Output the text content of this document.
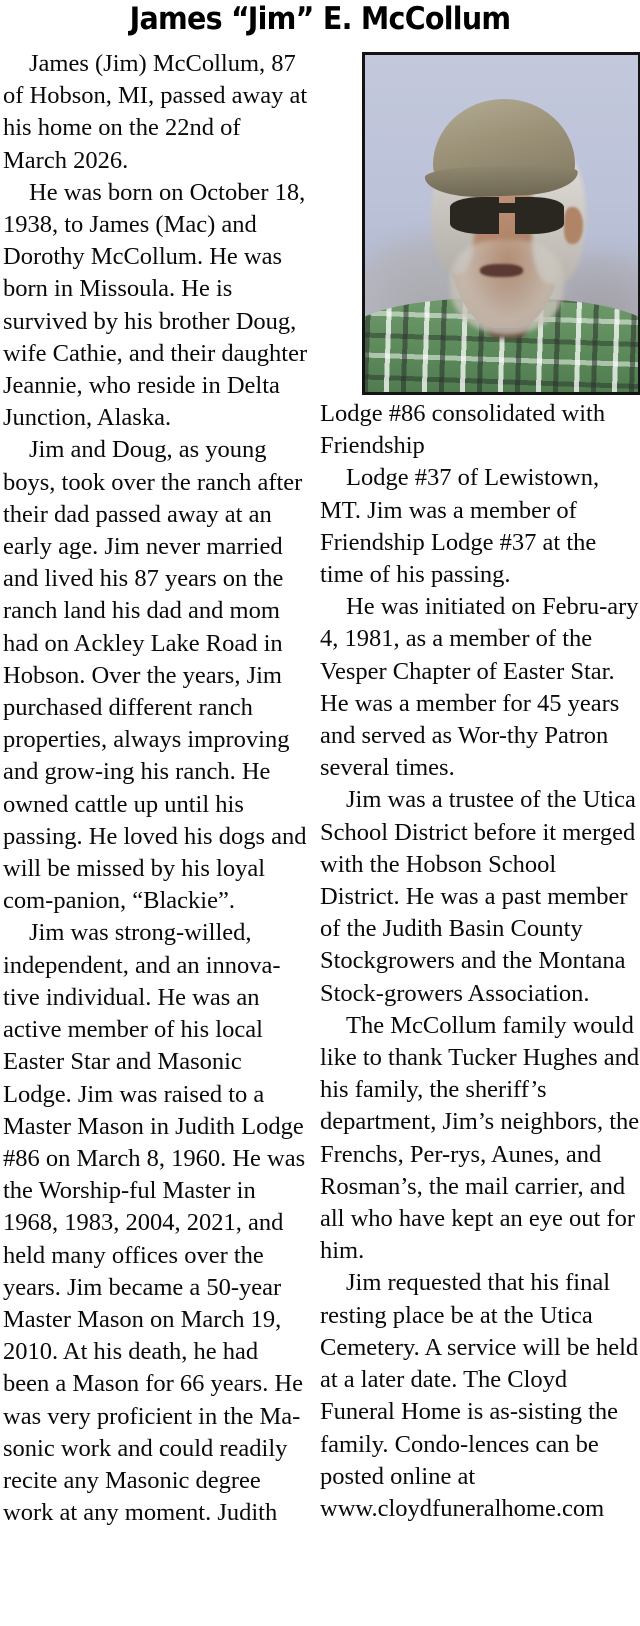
James “Jim” E. McCollum

James (Jim) McCollum, 87 of Hobson, MI, passed away at his home on the 22nd of March 2026.

He was born on October 18, 1938, to James (Mac) and Dorothy McCollum. He was born in Missoula. He is survived by his brother Doug, wife Cathie, and their daughter Jeannie, who reside in Delta Junction, Alaska.

Jim and Doug, as young boys, took over the ranch after their dad passed away at an early age. Jim never married and lived his 87 years on the ranch land his dad and mom had on Ackley Lake Road in Hobson. Over the years, Jim purchased different ranch properties, always improving and grow-ing his ranch. He owned cattle up until his passing. He loved his dogs and will be missed by his loyal com-panion, “Blackie”.

Jim was strong-willed, independent, and an innova-tive individual. He was an active member of his local Easter Star and Masonic Lodge. Jim was raised to a Master Mason in Judith Lodge #86 on March 8, 1960. He was the Worship-ful Master in 1968, 1983, 2004, 2021, and held many offices over the years. Jim became a 50-year Master Mason on March 19, 2010. At his death, he had been a Mason for 66 years. He was very proficient in the Ma-sonic work and could readily recite any Masonic degree work at any moment. Judith

Lodge #86 consolidated with Friendship

Lodge #37 of Lewistown, MT. Jim was a member of Friendship Lodge #37 at the time of his passing.

He was initiated on Febru-ary 4, 1981, as a member of the Vesper Chapter of Easter Star. He was a member for 45 years and served as Wor-thy Patron several times.

Jim was a trustee of the Utica School District before it merged with the Hobson School District. He was a past member of the Judith Basin County Stockgrowers and the Montana Stock-growers Association.

The McCollum family would like to thank Tucker Hughes and his family, the sheriff’s department, Jim’s neighbors, the Frenchs, Per-rys, Aunes, and Rosman’s, the mail carrier, and all who have kept an eye out for him.

Jim requested that his final resting place be at the Utica Cemetery. A service will be held at a later date. The Cloyd Funeral Home is as-sisting the family. Condo-lences can be posted online at www.cloydfuneralhome.com
